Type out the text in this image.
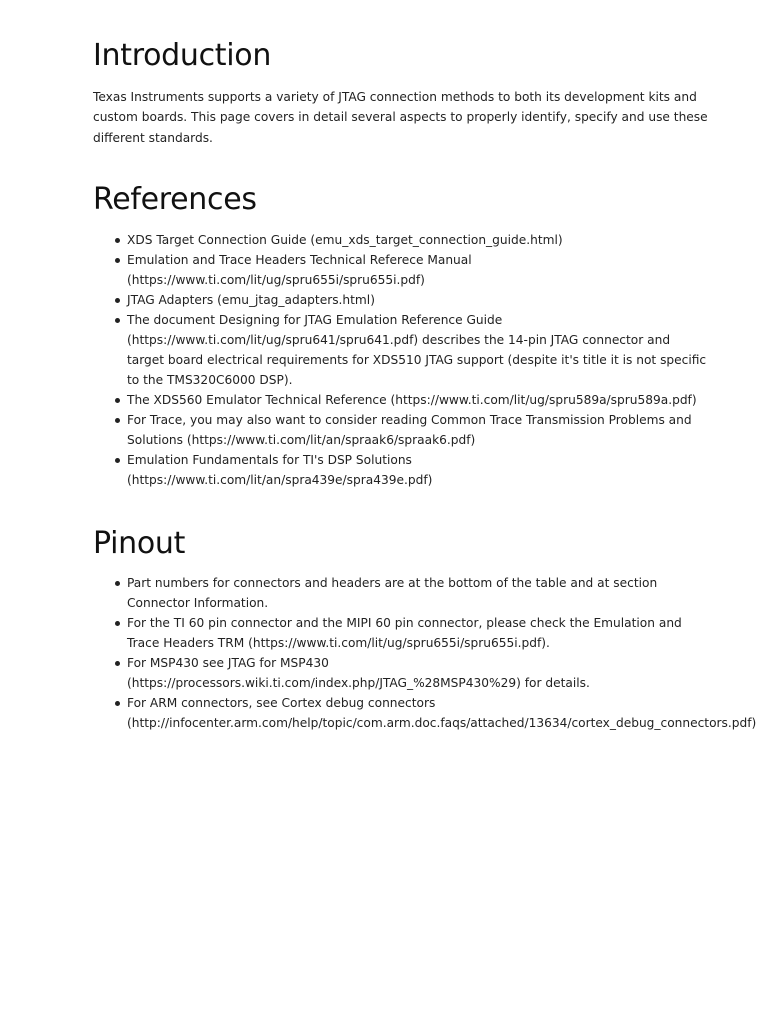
Introduction

Texas Instruments supports a variety of JTAG connection methods to both its development kits and
custom boards. This page covers in detail several aspects to properly identify, specify and use these
different standards.

References
XDS Target Connection Guide (emu_xds_target_connection_guide.html)
Emulation and Trace Headers Technical Referece Manual
(https://www.ti.com/lit/ug/spru655i/spru655i.pdf)
JTAG Adapters (emu_jtag_adapters.html)
The document Designing for JTAG Emulation Reference Guide
(https://www.ti.com/lit/ug/spru641/spru641.pdf) describes the 14-pin JTAG connector and
target board electrical requirements for XDS510 JTAG support (despite it's title it is not specific
to the TMS320C6000 DSP).
The XDS560 Emulator Technical Reference (https://www.ti.com/lit/ug/spru589a/spru589a.pdf)
For Trace, you may also want to consider reading Common Trace Transmission Problems and
Solutions (https://www.ti.com/lit/an/spraak6/spraak6.pdf)
Emulation Fundamentals for TI's DSP Solutions
(https://www.ti.com/lit/an/spra439e/spra439e.pdf)
Pinout
Part numbers for connectors and headers are at the bottom of the table and at section
Connector Information.
For the TI 60 pin connector and the MIPI 60 pin connector, please check the Emulation and
Trace Headers TRM (https://www.ti.com/lit/ug/spru655i/spru655i.pdf).
For MSP430 see JTAG for MSP430
(https://processors.wiki.ti.com/index.php/JTAG_%28MSP430%29) for details.
For ARM connectors, see Cortex debug connectors
(http://infocenter.arm.com/help/topic/com.arm.doc.faqs/attached/13634/cortex_debug_connectors.pdf)
